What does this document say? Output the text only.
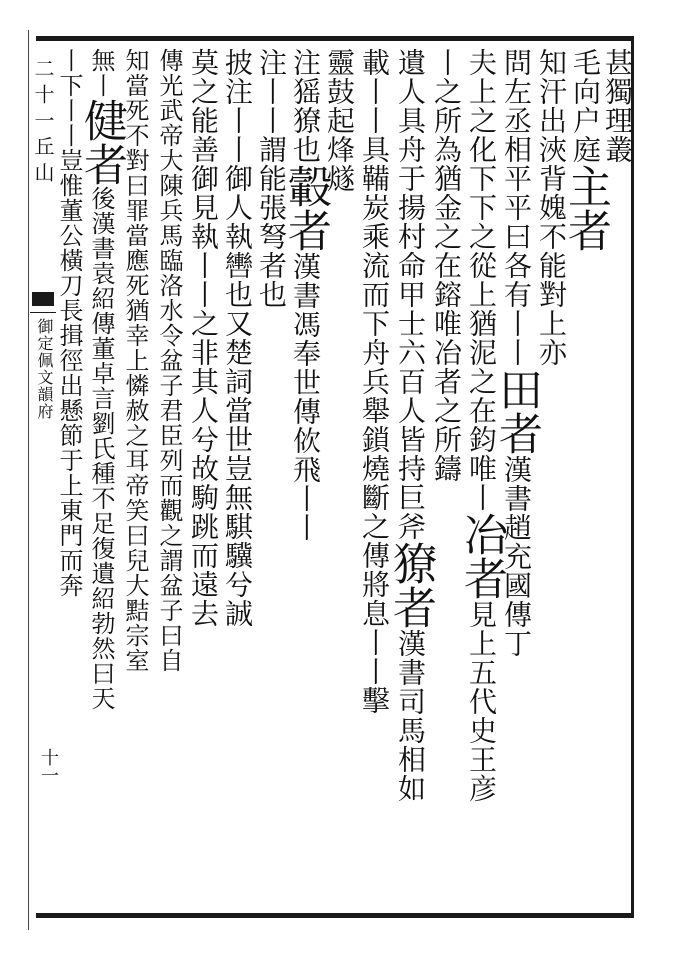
二十一丘山
御定佩文韻府
十一
甚獨理叢
毛向户庭主者
知汗出浹背媿不能對上亦
問左丞相平平曰各有丨丨田者漢書趙充國傳丁
夫上之化下下之從上猶泥之在鈞唯丨冶者見上五代史王彦
丨之所為猶金之在鎔唯冶者之所鑄
遺人具舟于揚村命甲士六百人皆持巨斧獠者漢書司馬相如
載丨丨具鞴炭乘流而下舟兵舉鎖燒斷之傳將息丨丨擊
靈鼓起烽燧
注猺獠也轂者漢書馮奉世傳佽飛丨丨
注丨丨謂能張弩者也
披注丨丨御人執轡也又楚詞當世豈無騏驥兮誠
莫之能善御見執丨丨之非其人兮故駒跳而遠去
傳光武帝大陳兵馬臨洛水令盆子君臣列而觀之謂盆子曰自
知當死不對曰罪當應死猶幸上憐赦之耳帝笑曰兒大黠宗室
無丨健者後漢書袁紹傳董卓言劉氏種不足復遺紹勃然曰天
丨下丨丨豈惟董公橫刀長揖徑出懸節于上東門而奔
